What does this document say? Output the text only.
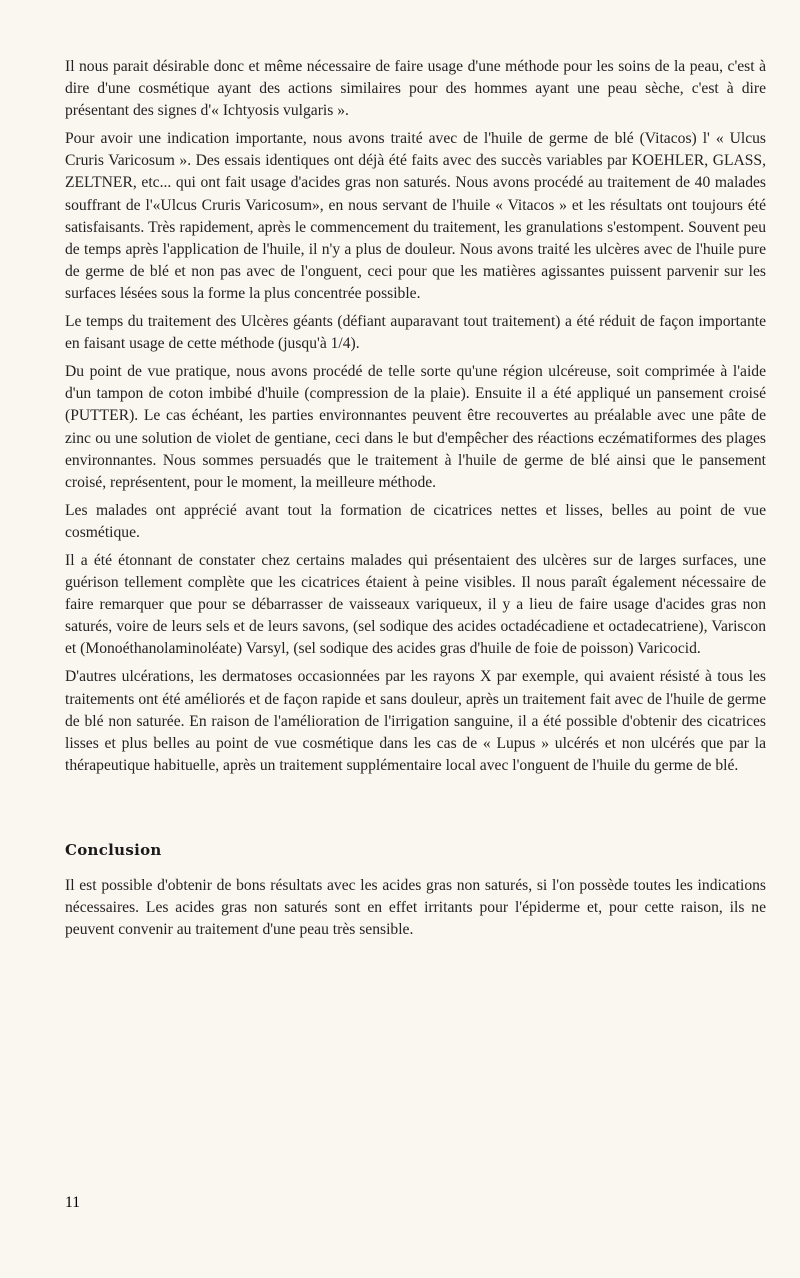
Il nous parait désirable donc et même nécessaire de faire usage d'une méthode pour les soins de la peau, c'est à dire d'une cosmétique ayant des actions similaires pour des hommes ayant une peau sèche, c'est à dire présentant des signes d'« Ichtyosis vulgaris ».

Pour avoir une indication importante, nous avons traité avec de l'huile de germe de blé (Vitacos) l' « Ulcus Cruris Varicosum ». Des essais identiques ont déjà été faits avec des succès variables par KOEHLER, GLASS, ZELTNER, etc... qui ont fait usage d'acides gras non saturés. Nous avons procédé au traitement de 40 malades souffrant de l'«Ulcus Cruris Varicosum», en nous servant de l'huile « Vitacos » et les résultats ont toujours été satisfaisants. Très rapidement, après le commencement du traitement, les granulations s'estompent. Souvent peu de temps après l'application de l'huile, il n'y a plus de douleur. Nous avons traité les ulcères avec de l'huile pure de germe de blé et non pas avec de l'onguent, ceci pour que les matières agissantes puissent parvenir sur les surfaces lésées sous la forme la plus concentrée possible.

Le temps du traitement des Ulcères géants (défiant auparavant tout traitement) a été réduit de façon importante en faisant usage de cette méthode (jusqu'à 1/4).

Du point de vue pratique, nous avons procédé de telle sorte qu'une région ulcéreuse, soit comprimée à l'aide d'un tampon de coton imbibé d'huile (compression de la plaie). Ensuite il a été appliqué un pansement croisé (PUTTER). Le cas échéant, les parties environnantes peuvent être recouvertes au préalable avec une pâte de zinc ou une solution de violet de gentiane, ceci dans le but d'empêcher des réactions eczématiformes des plages environnantes. Nous sommes persuadés que le traitement à l'huile de germe de blé ainsi que le pansement croisé, représentent, pour le moment, la meilleure méthode.

Les malades ont apprécié avant tout la formation de cicatrices nettes et lisses, belles au point de vue cosmétique.

Il a été étonnant de constater chez certains malades qui présentaient des ulcères sur de larges surfaces, une guérison tellement complète que les cicatrices étaient à peine visibles. Il nous paraît également nécessaire de faire remarquer que pour se débarrasser de vaisseaux variqueux, il y a lieu de faire usage d'acides gras non saturés, voire de leurs sels et de leurs savons, (sel sodique des acides octadécadiene et octadecatriene), Variscon et (Monoéthanolaminoléate) Varsyl, (sel sodique des acides gras d'huile de foie de poisson) Varicocid.

D'autres ulcérations, les dermatoses occasionnées par les rayons X par exemple, qui avaient résisté à tous les traitements ont été améliorés et de façon rapide et sans douleur, après un traitement fait avec de l'huile de germe de blé non saturée. En raison de l'amélioration de l'irrigation sanguine, il a été possible d'obtenir des cicatrices lisses et plus belles au point de vue cosmétique dans les cas de « Lupus » ulcérés et non ulcérés que par la thérapeutique habituelle, après un traitement supplémentaire local avec l'onguent de l'huile du germe de blé.

Conclusion

Il est possible d'obtenir de bons résultats avec les acides gras non saturés, si l'on possède toutes les indications nécessaires. Les acides gras non saturés sont en effet irritants pour l'épiderme et, pour cette raison, ils ne peuvent convenir au traitement d'une peau très sensible.

11
